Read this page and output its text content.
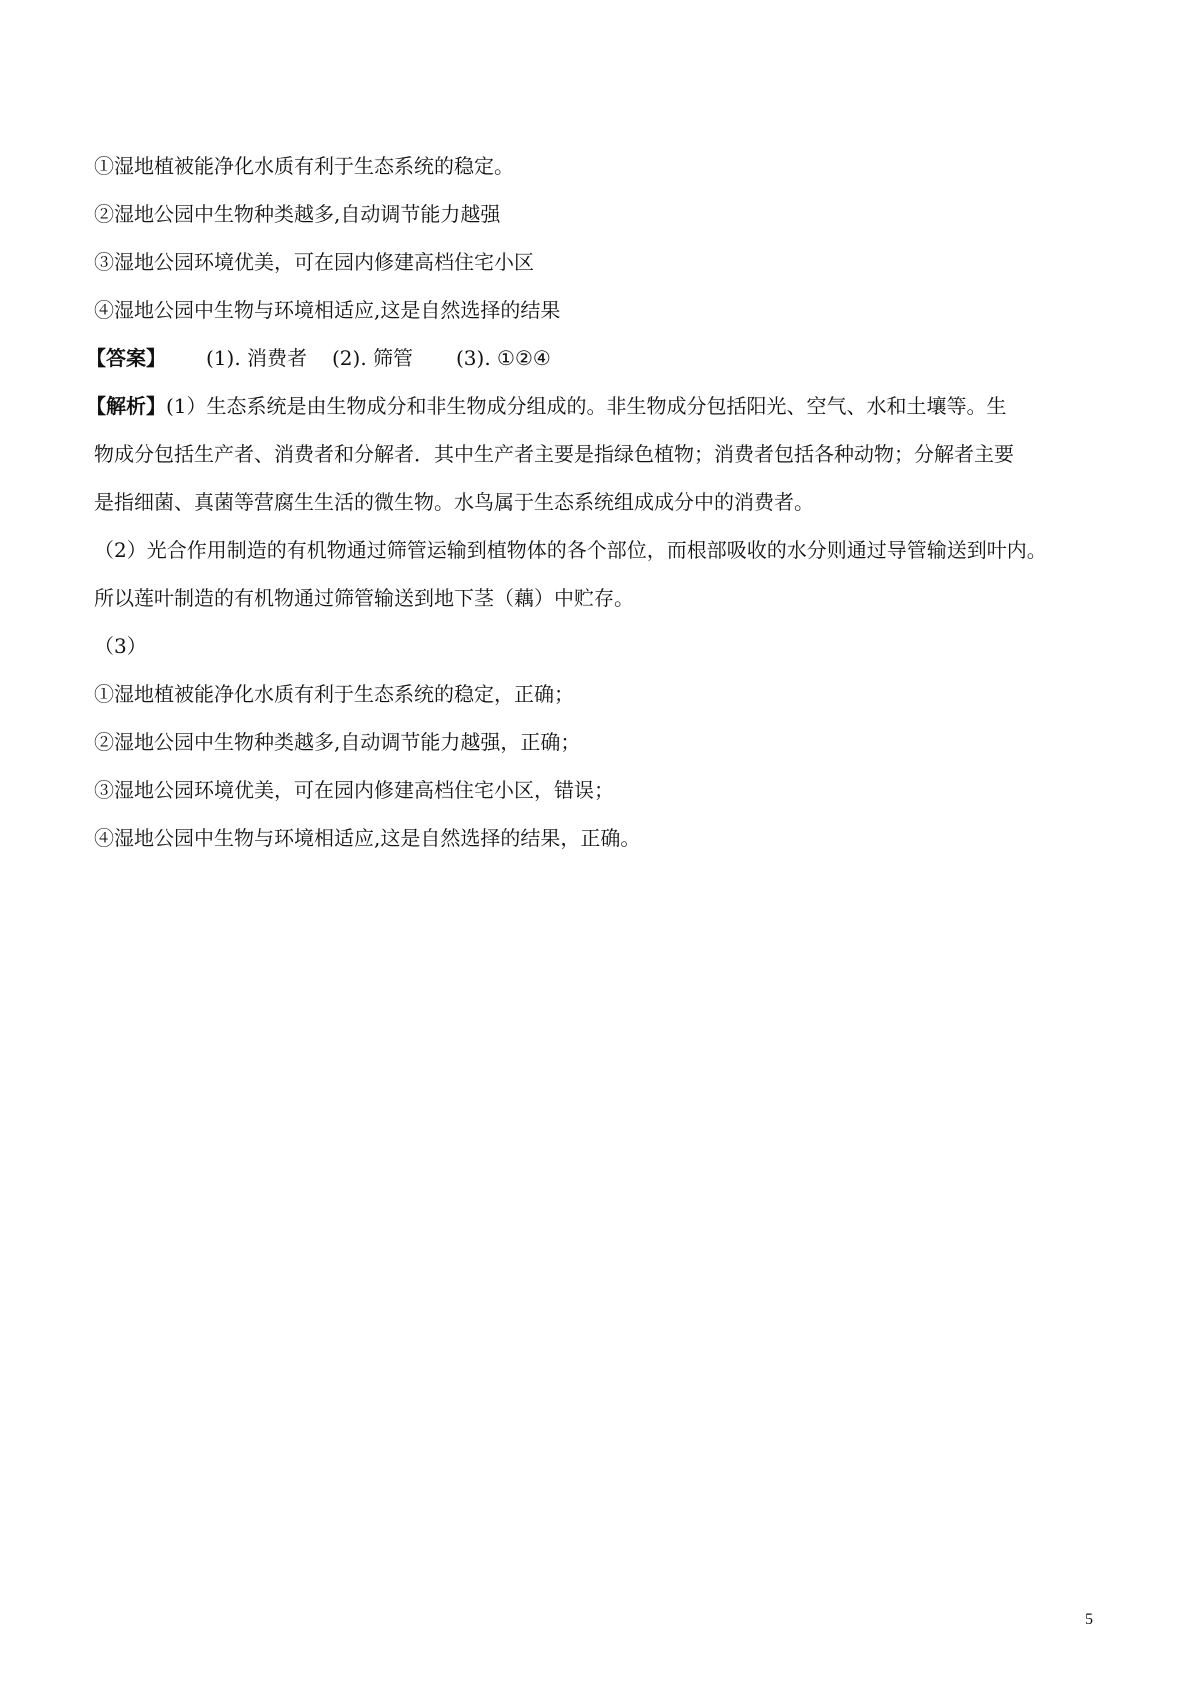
①湿地植被能净化水质有利于生态系统的稳定。
②湿地公园中生物种类越多,自动调节能力越强
③湿地公园环境优美，可在园内修建高档住宅小区
④湿地公园中生物与环境相适应,这是自然选择的结果
【答案】 (1). 消费者 (2). 筛管 (3). ①②④
【解析】(1）生态系统是由生物成分和非生物成分组成的。非生物成分包括阳光、空气、水和土壤等。生
物成分包括生产者、消费者和分解者．其中生产者主要是指绿色植物；消费者包括各种动物；分解者主要
是指细菌、真菌等营腐生生活的微生物。水鸟属于生态系统组成成分中的消费者。
（2）光合作用制造的有机物通过筛管运输到植物体的各个部位，而根部吸收的水分则通过导管输送到叶内。
所以莲叶制造的有机物通过筛管输送到地下茎（藕）中贮存。
（3）
①湿地植被能净化水质有利于生态系统的稳定，正确；
②湿地公园中生物种类越多,自动调节能力越强，正确；
③湿地公园环境优美，可在园内修建高档住宅小区，错误；
④湿地公园中生物与环境相适应,这是自然选择的结果，正确。
5
